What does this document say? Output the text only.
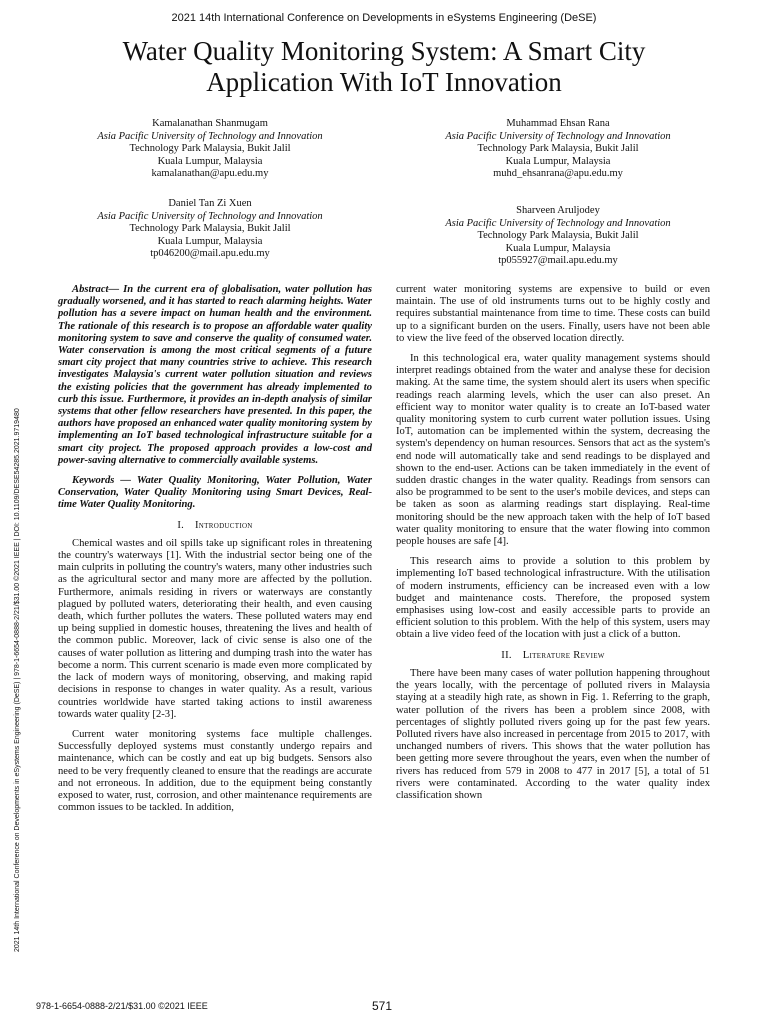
2021 14th International Conference on Developments in eSystems Engineering (DeSE)
Water Quality Monitoring System: A Smart City
Application With IoT Innovation
Kamalanathan Shanmugam
Asia Pacific University of Technology and Innovation
Technology Park Malaysia, Bukit Jalil
Kuala Lumpur, Malaysia
kamalanathan@apu.edu.my
Muhammad Ehsan Rana
Asia Pacific University of Technology and Innovation
Technology Park Malaysia, Bukit Jalil
Kuala Lumpur, Malaysia
muhd_ehsanrana@apu.edu.my
Daniel Tan Zi Xuen
Asia Pacific University of Technology and Innovation
Technology Park Malaysia, Bukit Jalil
Kuala Lumpur, Malaysia
tp046200@mail.apu.edu.my
Sharveen Aruljodey
Asia Pacific University of Technology and Innovation
Technology Park Malaysia, Bukit Jalil
Kuala Lumpur, Malaysia
tp055927@mail.apu.edu.my
2021 14th International Conference on Developments in eSystems Engineering (DeSE) | 978-1-6654-0888-2/21/$31.00 ©2021 IEEE | DOI: 10.1109/DESE54285.2021.9719480

Abstract— In the current era of globalisation, water pollution has gradually worsened, and it has started to reach alarming heights. Water pollution has a severe impact on human health and the environment. The rationale of this research is to propose an affordable water quality monitoring system to save and conserve the quality of consumed water. Water conservation is among the most critical segments of a future smart city project that many countries strive to achieve. This research investigates Malaysia's current water pollution situation and reviews the existing policies that the government has already implemented to curb this issue. Furthermore, it provides an in-depth analysis of similar systems that other fellow researchers have presented. In this paper, the authors have proposed an enhanced water quality monitoring system by implementing an IoT based technological infrastructure suitable for a smart city project. The proposed approach provides a low-cost and power-saving alternative to commercially available systems.

Keywords — Water Quality Monitoring, Water Pollution, Water Conservation, Water Quality Monitoring using Smart Devices, Real-time Water Quality Monitoring.

I. Introduction

Chemical wastes and oil spills take up significant roles in threatening the country's waterways [1]. With the industrial sector being one of the main culprits in polluting the country's waters, many other industries such as the agricultural sector and many more are affected by the pollution. Furthermore, animals residing in rivers or waterways are constantly plagued by polluted waters, deteriorating their health, and even causing death, which further pollutes the waters. These polluted waters may end up being supplied in domestic houses, threatening the lives and health of the common public. Moreover, lack of civic sense is also one of the causes of water pollution as littering and dumping trash into the water has become a norm. This current scenario is made even more complicated by the lack of modern ways of monitoring, observing, and making rapid decisions in response to changes in water quality. As a result, various countries worldwide have started taking actions to instil awareness towards water quality [2-3].

Current water monitoring systems face multiple challenges. Successfully deployed systems must constantly undergo repairs and maintenance, which can be costly and eat up big budgets. Sensors also need to be very frequently cleaned to ensure that the readings are accurate and not erroneous. In addition, due to the equipment being constantly exposed to water, rust, corrosion, and other maintenance requirements are common issues to be tackled. In addition,

current water monitoring systems are expensive to build or even maintain. The use of old instruments turns out to be highly costly and requires substantial maintenance from time to time. These costs can build up to a significant burden on the users. Finally, users have not been able to view the live feed of the observed location directly.

In this technological era, water quality management systems should interpret readings obtained from the water and analyse these for decision making. At the same time, the system should alert its users when specific readings reach alarming levels, which the user can also preset. An efficient way to monitor water quality is to create an IoT-based water quality monitoring system to curb current water pollution issues. Using IoT, automation can be implemented within the system, decreasing the system's dependency on human resources. Sensors that act as the system's end node will automatically take and send readings to be displayed and shown to the end-user. Actions can be taken immediately in the event of sudden drastic changes in the water quality. Readings from sensors can also be programmed to be sent to the user's mobile devices, and steps can be taken as soon as alarming readings start displaying. Real-time monitoring should be the new approach taken with the help of IoT based water quality monitoring to ensure that the water flowing into common people houses are safe [4].

This research aims to provide a solution to this problem by implementing IoT based technological infrastructure. With the utilisation of modern instruments, efficiency can be increased even with a low budget and maintenance costs. Therefore, the proposed system emphasises using low-cost and easily accessible parts to provide an efficient solution to this problem. With the help of this system, users may obtain a live video feed of the location with just a click of a button.

II. Literature Review

There have been many cases of water pollution happening throughout the years locally, with the percentage of polluted rivers in Malaysia staying at a steadily high rate, as shown in Fig. 1. Referring to the graph, water pollution of the rivers has been a problem since 2008, with percentages of slightly polluted rivers going up for the past few years. Polluted rivers have also increased in percentage from 2015 to 2017, with unchanged numbers of rivers. This shows that the water pollution has been getting more severe throughout the years, even when the number of rivers has reduced from 579 in 2008 to 477 in 2017 [5], a total of 51 rivers were contaminated. According to the water quality index classification shown

978-1-6654-0888-2/21/$31.00 ©2021 IEEE	571
